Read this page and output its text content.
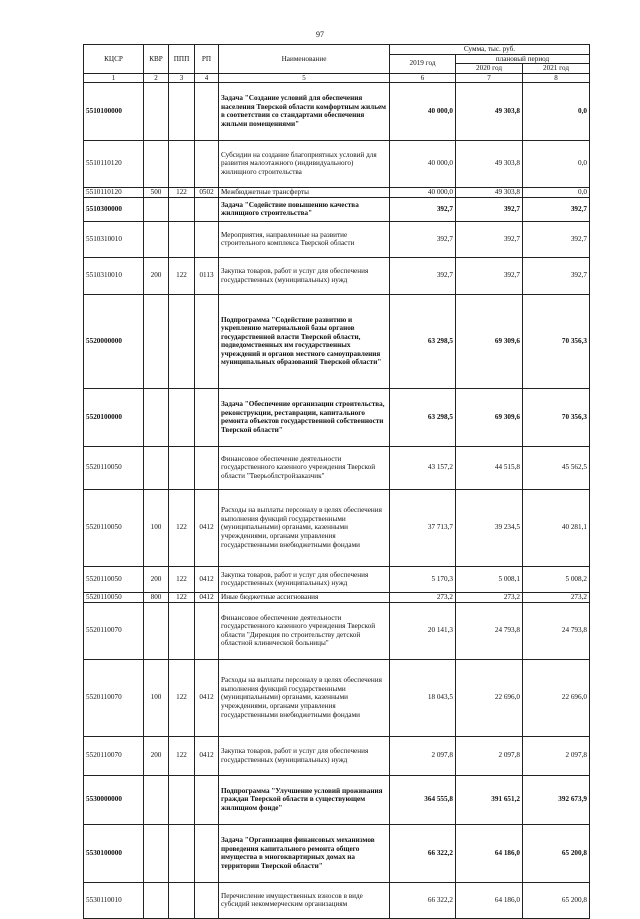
97
КЦСР	КВР	ППП	РП	Наименование	Сумма, тыс. руб.		
					2019 год	плановый период	
						2020 год	2021 год
1	2	3	4	5	6	7	8
5510100000				Задача "Создание условий для обеспечения населения Тверской области комфортным жильем в соответствии со стандартами обеспечения жильми помещениями"	40 000,0	49 303,8	0,0
5510110120				Субсидии на создание благоприятных условий для развития малоэтажного (индивидуального) жилищного строительства	40 000,0	49 303,8	0,0
5510110120	500	122	0502	Межбюджетные трансферты	40 000,0	49 303,8	0,0
5510300000				Задача "Содействие повышению качества жилищного строительства"	392,7	392,7	392,7
5510310010				Мероприятия, направленные на развитие строительного комплекса Тверской области	392,7	392,7	392,7
5510310010	200	122	0113	Закупка товаров, работ и услуг для обеспечения государственных (муниципальных) нужд	392,7	392,7	392,7
5520000000				Подпрограмма "Содействие развитию и укреплению материальной базы органов государственной власти Тверской области, подведомственных им государственных учреждений и органов местного самоуправления муниципальных образований Тверской области"	63 298,5	69 309,6	70 356,3
5520100000				Задача "Обеспечение организации строительства, реконструкции, реставрации, капитального ремонта объектов государственной собственности Тверской области"	63 298,5	69 309,6	70 356,3
5520110050				Финансовое обеспечение деятельности государственного казенного учреждения Тверской области "Тверьоблстройзаказчик"	43 157,2	44 515,8	45 562,5
5520110050	100	122	0412	Расходы на выплаты персоналу в целях обеспечения выполнения функций государственными (муниципальными) органами, казенными учреждениями, органами управления государственными внебюджетными фондами	37 713,7	39 234,5	40 281,1
5520110050	200	122	0412	Закупка товаров, работ и услуг для обеспечения государственных (муниципальных) нужд	5 170,3	5 008,1	5 008,2
5520110050	800	122	0412	Иные бюджетные ассигнования	273,2	273,2	273,2
5520110070				Финансовое обеспечение деятельности государственного казенного учреждения Тверской области "Дирекция по строительству детской областной клинической больницы"	20 141,3	24 793,8	24 793,8
5520110070	100	122	0412	Расходы на выплаты персоналу в целях обеспечения выполнения функций государственными (муниципальными) органами, казенными учреждениями, органами управления государственными внебюджетными фондами	18 043,5	22 696,0	22 696,0
5520110070	200	122	0412	Закупка товаров, работ и услуг для обеспечения государственных (муниципальных) нужд	2 097,8	2 097,8	2 097,8
5530000000				Подпрограмма "Улучшение условий проживания граждан Тверской области в существующем жилищном фонде"	364 555,8	391 651,2	392 673,9
5530100000				Задача "Организация финансовых механизмов проведения капитального ремонта общего имущества в многоквартирных домах на территории Тверской области"	66 322,2	64 186,0	65 200,8
5530110010				Перечисление имущественных взносов в виде субсидий некоммерческим организациям	66 322,2	64 186,0	65 200,8
